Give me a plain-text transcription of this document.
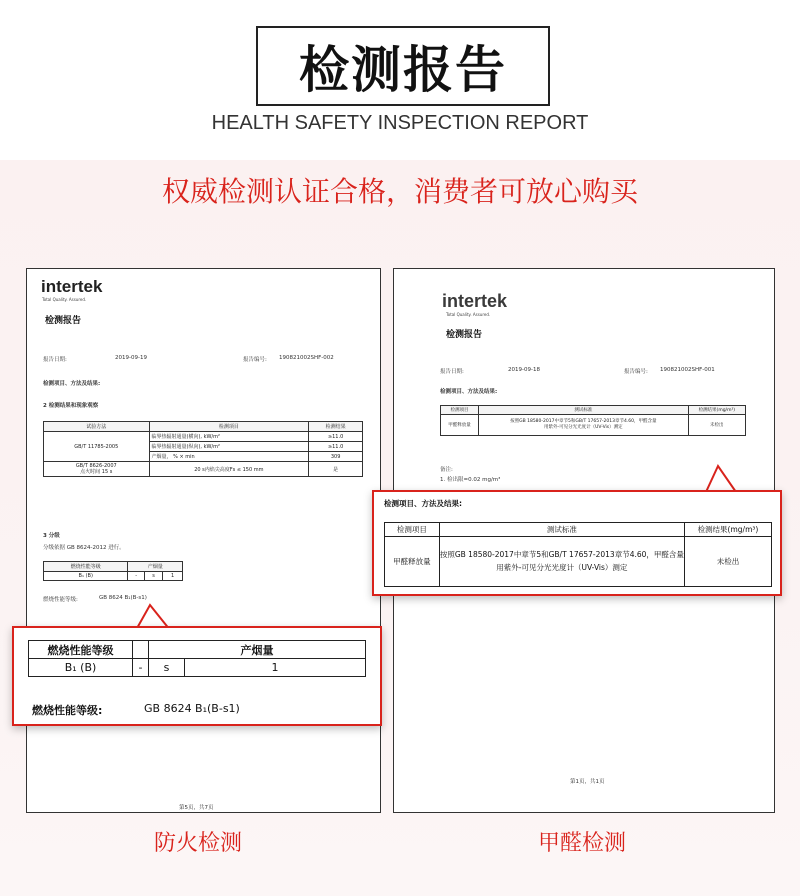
检测报告
HEALTH SAFETY INSPECTION REPORT
权威检测认证合格，消费者可放心购买
intertek
Total Quality. Assured.
检测报告
报告日期:	2019-09-19	报告编号: 190821002SHF-002
检测项目、方法及结果:
2 检测结果和现象观察
试验方法	检测项目	检测结果
GB/T 11785-2005	临界热辐射通量(横向), kW/m²	≥11.0
	临界热辐射通量(纵向), kW/m²	≥11.0
	产烟量， % × min	309
GB/T 8626-2007
点火时间 15 s	20 s内焰尖高度Fs ≤ 150 mm	是
3 分级
分级依据 GB 8624-2012 进行。
燃烧性能等级	产烟量		
B₁ (B)	-	s	1
燃烧性能等级:	GB 8624 B₁(B-s1)
第5页，共7页
intertek
Total Quality. Assured.
检测报告
报告日期:	2019-09-18	报告编号: 190821002SHF-001
检测项目、方法及结果:
检测项目	测试标准	检测结果(mg/m³)
甲醛释放量	按照GB 18580-2017中章节5和GB/T 17657-2013章节4.60，甲醛含量
用紫外-可见分光光度计（UV-Vis）测定	未检出
备注:
1. 检出限=0.02 mg/m³
第1页，共1页
燃烧性能等级		产烟量	
B₁ (B)	-	s	1
燃烧性能等级:	GB 8624 B₁(B-s1)
检测项目、方法及结果:
检测项目	测试标准	检测结果(mg/m³)
甲醛释放量	按照GB 18580-2017中章节5和GB/T 17657-2013章节4.60，甲醛含量
用紫外-可见分光光度计（UV-Vis）测定	未检出
防火检测	甲醛检测
